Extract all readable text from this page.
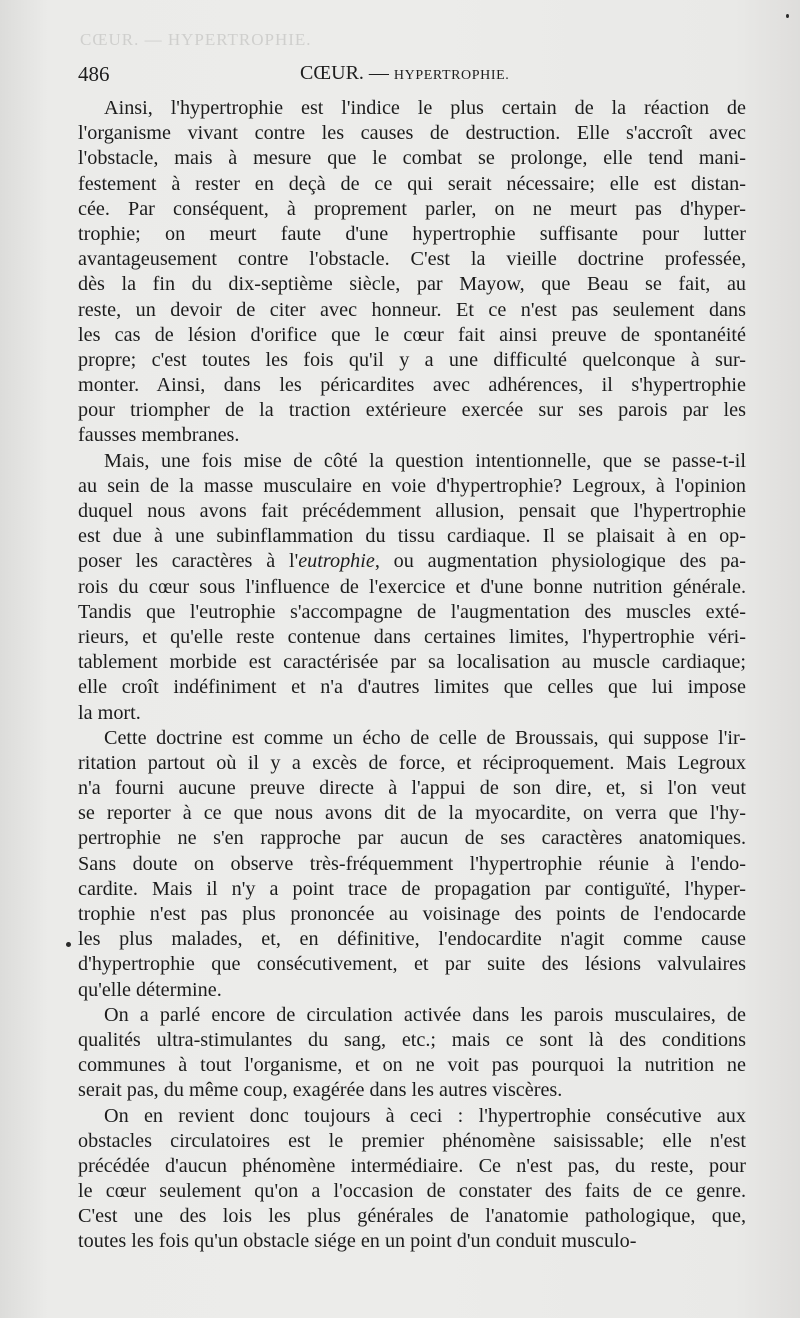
CŒUR. — HYPERTROPHIE.
486	CŒUR. — HYPERTROPHIE.
Ainsi, l'hypertrophie est l'indice le plus certain de la réaction de
l'organisme vivant contre les causes de destruction. Elle s'accroît avec
l'obstacle, mais à mesure que le combat se prolonge, elle tend mani-
festement à rester en deçà de ce qui serait nécessaire; elle est distan-
cée. Par conséquent, à proprement parler, on ne meurt pas d'hyper-
trophie; on meurt faute d'une hypertrophie suffisante pour lutter
avantageusement contre l'obstacle. C'est la vieille doctrine professée,
dès la fin du dix-septième siècle, par Mayow, que Beau se fait, au
reste, un devoir de citer avec honneur. Et ce n'est pas seulement dans
les cas de lésion d'orifice que le cœur fait ainsi preuve de spontanéité
propre; c'est toutes les fois qu'il y a une difficulté quelconque à sur-
monter. Ainsi, dans les péricardites avec adhérences, il s'hypertrophie
pour triompher de la traction extérieure exercée sur ses parois par les
fausses membranes.
Mais, une fois mise de côté la question intentionnelle, que se passe-t-il
au sein de la masse musculaire en voie d'hypertrophie? Legroux, à l'opinion
duquel nous avons fait précédemment allusion, pensait que l'hypertrophie
est due à une subinflammation du tissu cardiaque. Il se plaisait à en op-
poser les caractères à l'eutrophie, ou augmentation physiologique des pa-
rois du cœur sous l'influence de l'exercice et d'une bonne nutrition générale.
Tandis que l'eutrophie s'accompagne de l'augmentation des muscles exté-
rieurs, et qu'elle reste contenue dans certaines limites, l'hypertrophie véri-
tablement morbide est caractérisée par sa localisation au muscle cardiaque;
elle croît indéfiniment et n'a d'autres limites que celles que lui impose
la mort.
Cette doctrine est comme un écho de celle de Broussais, qui suppose l'ir-
ritation partout où il y a excès de force, et réciproquement. Mais Legroux
n'a fourni aucune preuve directe à l'appui de son dire, et, si l'on veut
se reporter à ce que nous avons dit de la myocardite, on verra que l'hy-
pertrophie ne s'en rapproche par aucun de ses caractères anatomiques.
Sans doute on observe très-fréquemment l'hypertrophie réunie à l'endo-
cardite. Mais il n'y a point trace de propagation par contiguïté, l'hyper-
trophie n'est pas plus prononcée au voisinage des points de l'endocarde
les plus malades, et, en définitive, l'endocardite n'agit comme cause
d'hypertrophie que consécutivement, et par suite des lésions valvulaires
qu'elle détermine.
On a parlé encore de circulation activée dans les parois musculaires, de
qualités ultra-stimulantes du sang, etc.; mais ce sont là des conditions
communes à tout l'organisme, et on ne voit pas pourquoi la nutrition ne
serait pas, du même coup, exagérée dans les autres viscères.
On en revient donc toujours à ceci : l'hypertrophie consécutive aux
obstacles circulatoires est le premier phénomène saisissable; elle n'est
précédée d'aucun phénomène intermédiaire. Ce n'est pas, du reste, pour
le cœur seulement qu'on a l'occasion de constater des faits de ce genre.
C'est une des lois les plus générales de l'anatomie pathologique, que,
toutes les fois qu'un obstacle siége en un point d'un conduit musculo-
